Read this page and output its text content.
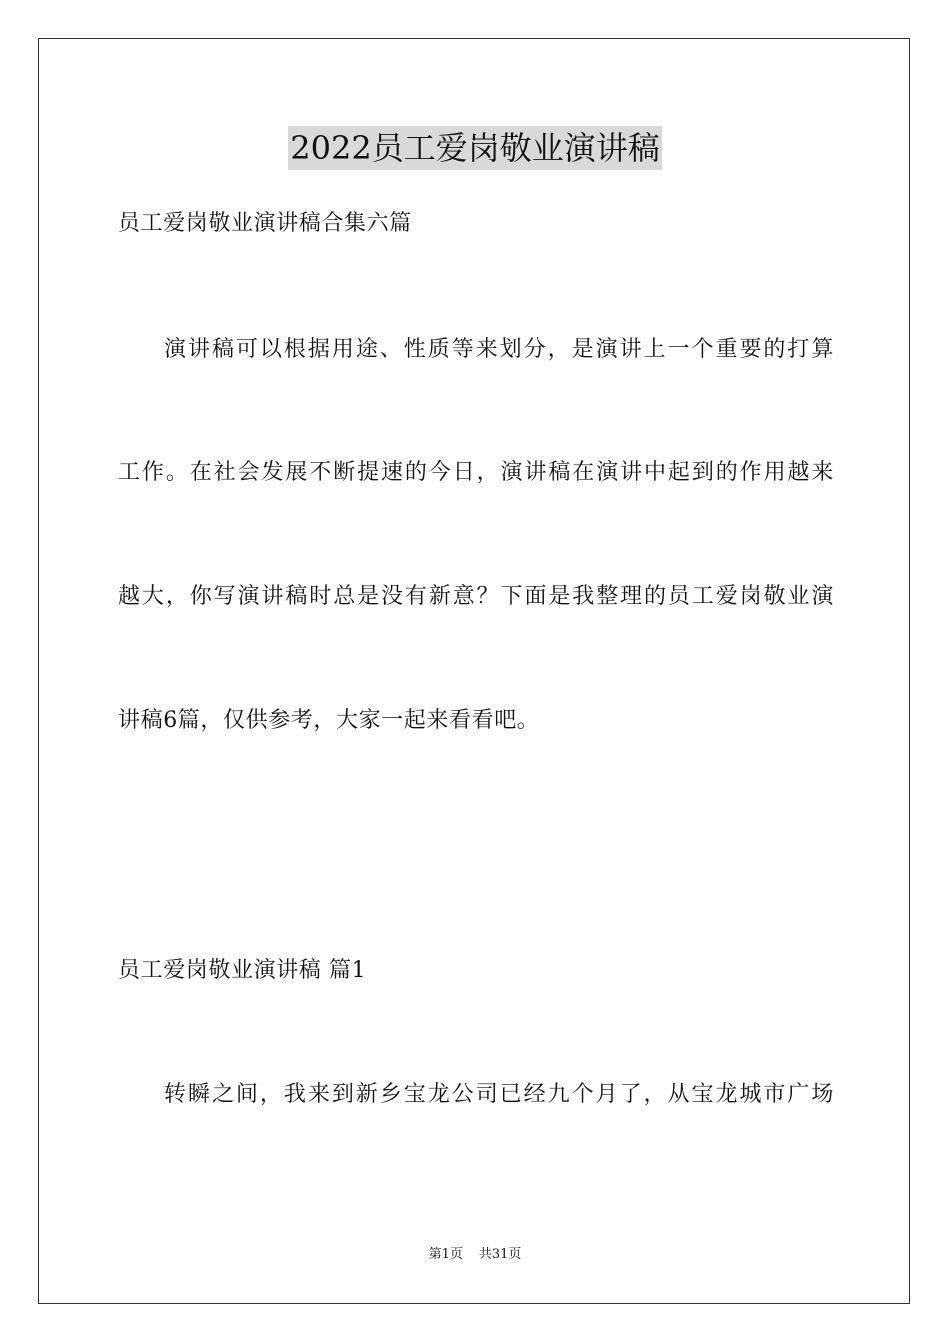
2022员工爱岗敬业演讲稿
员工爱岗敬业演讲稿合集六篇
演讲稿可以根据用途、性质等来划分，是演讲上一个重要的打算
工作。在社会发展不断提速的今日，演讲稿在演讲中起到的作用越来
越大，你写演讲稿时总是没有新意？下面是我整理的员工爱岗敬业演
讲稿6篇，仅供参考，大家一起来看看吧。
员工爱岗敬业演讲稿 篇1
转瞬之间，我来到新乡宝龙公司已经九个月了，从宝龙城市广场
第1页 共31页
